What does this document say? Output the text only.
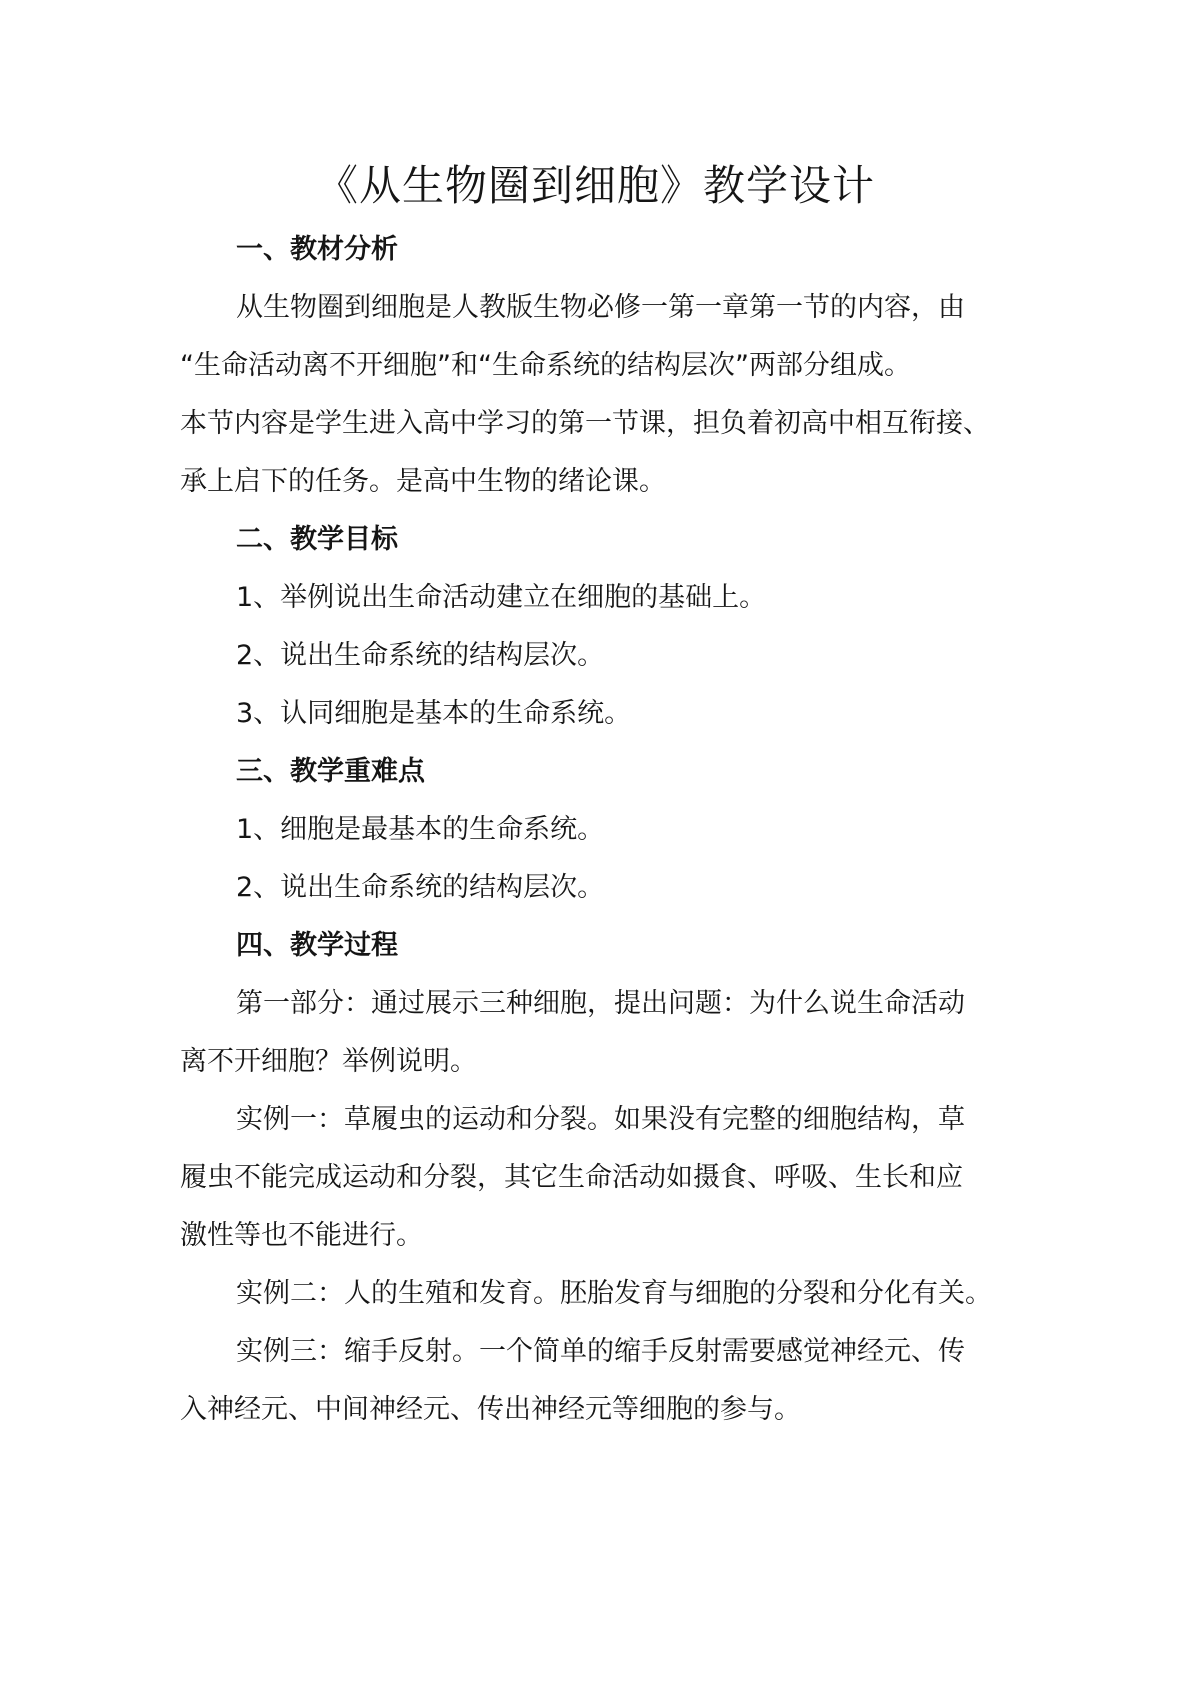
《从生物圈到细胞》教学设计

一、教材分析

从生物圈到细胞是人教版生物必修一第一章第一节的内容，由

“生命活动离不开细胞”和“生命系统的结构层次”两部分组成。

本节内容是学生进入高中学习的第一节课，担负着初高中相互衔接、

承上启下的任务。是高中生物的绪论课。

二、教学目标

1、举例说出生命活动建立在细胞的基础上。

2、说出生命系统的结构层次。

3、认同细胞是基本的生命系统。

三、教学重难点

1、细胞是最基本的生命系统。

2、说出生命系统的结构层次。

四、教学过程

第一部分：通过展示三种细胞，提出问题：为什么说生命活动

离不开细胞？举例说明。

实例一：草履虫的运动和分裂。如果没有完整的细胞结构，草

履虫不能完成运动和分裂，其它生命活动如摄食、呼吸、生长和应

激性等也不能进行。

实例二：人的生殖和发育。胚胎发育与细胞的分裂和分化有关。

实例三：缩手反射。一个简单的缩手反射需要感觉神经元、传

入神经元、中间神经元、传出神经元等细胞的参与。
